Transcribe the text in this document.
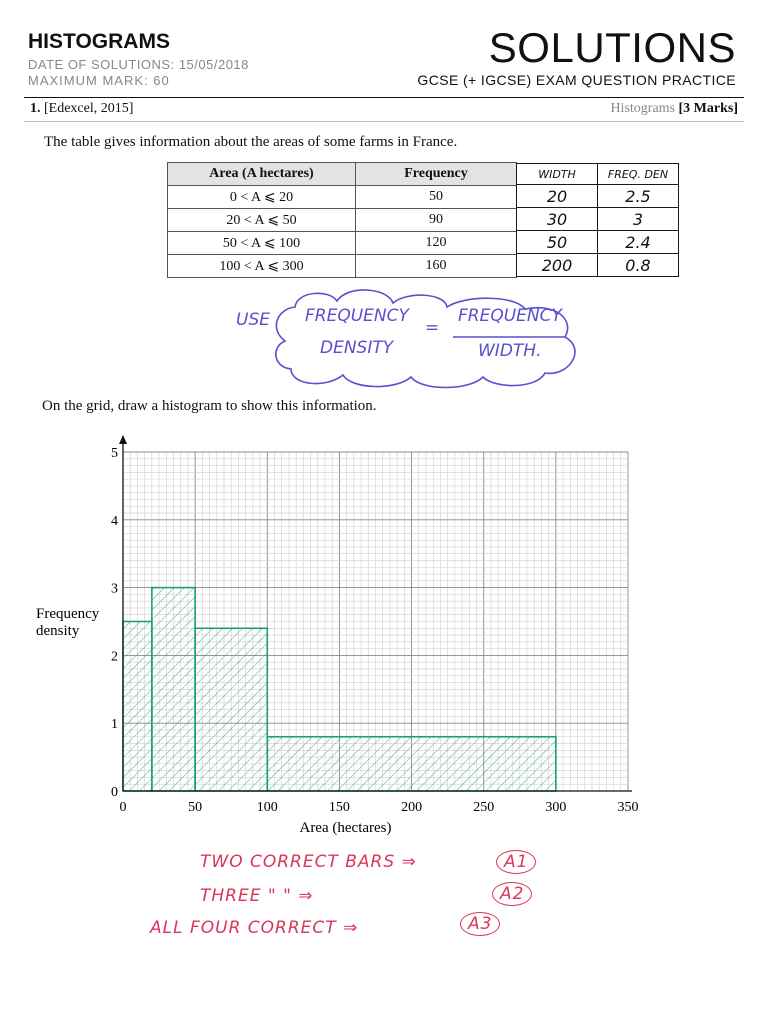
HISTOGRAMS
DATE OF SOLUTIONS: 15/05/2018
MAXIMUM MARK: 60
SOLUTIONS
GCSE (+ IGCSE) EXAM QUESTION PRACTICE
1. [Edexcel, 2015]	Histograms [3 Marks]
The table gives information about the areas of some farms in France.
Area (A hectares)	Frequency
0 < A ⩽ 20	50
20 < A ⩽ 50	90
50 < A ⩽ 100	120
100 < A ⩽ 300	160
WIDTH	FREQ. DEN
20	2.5
30	3
50	2.4
200	0.8
USE FREQUENCY
DENSITY
=
FREQUENCY
WIDTH.
On the grid, draw a histogram to show this information.
0	50	100	150	200	250	300	350
0
1
2
3
4
5
Area (hectares)
Frequency density
TWO CORRECT BARS ⇒	A1
THREE " " ⇒	A2
ALL FOUR CORRECT ⇒	A3
